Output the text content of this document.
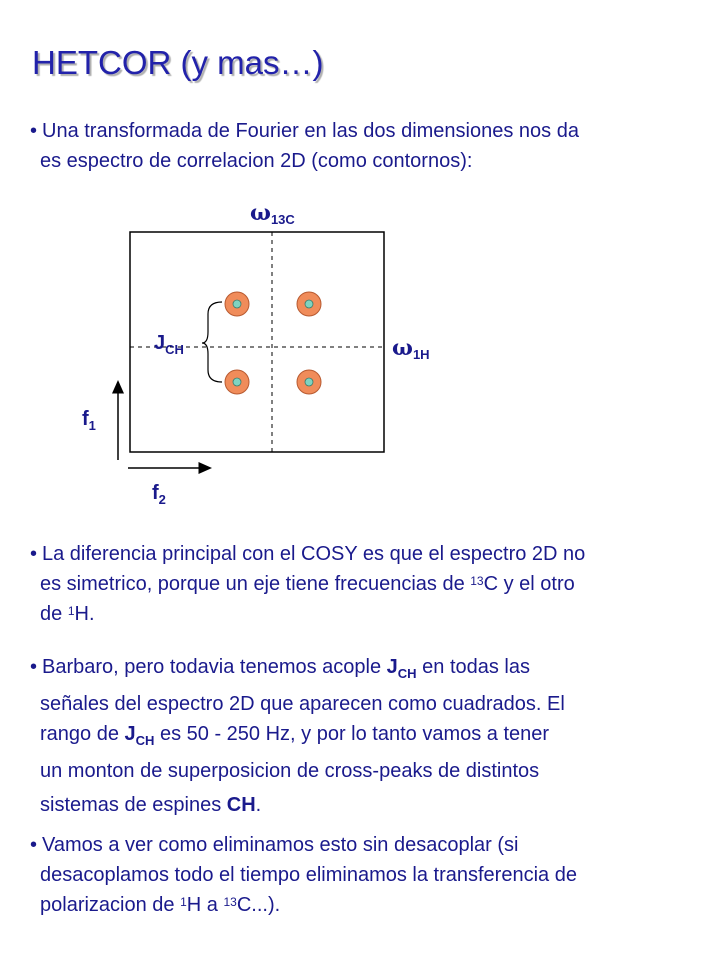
HETCOR (y mas…)
• Una transformada de Fourier en las dos dimensiones nos da
es espectro de correlacion 2D (como contornos):
$\omega_{13C}$
$\omega_{1H}$
$J_{CH}$
$f_1$
$f_2$
• La diferencia principal con el COSY es que el espectro 2D no
es simetrico, porque un eje tiene frecuencias de $^{13}$C y el otro
de $^1$H.
• Barbaro, pero todavia tenemos acople $J_{CH}$ en todas las
señales del espectro 2D que aparecen como cuadrados. El
rango de $J_{CH}$ es 50 - 250 Hz, y por lo tanto vamos a tener
un monton de superposicion de cross-peaks de distintos
sistemas de espines CH.
• Vamos a ver como eliminamos esto sin desacoplar (si
desacoplamos todo el tiempo eliminamos la transferencia de
polarizacion de $^1$H a $^{13}$C...).
